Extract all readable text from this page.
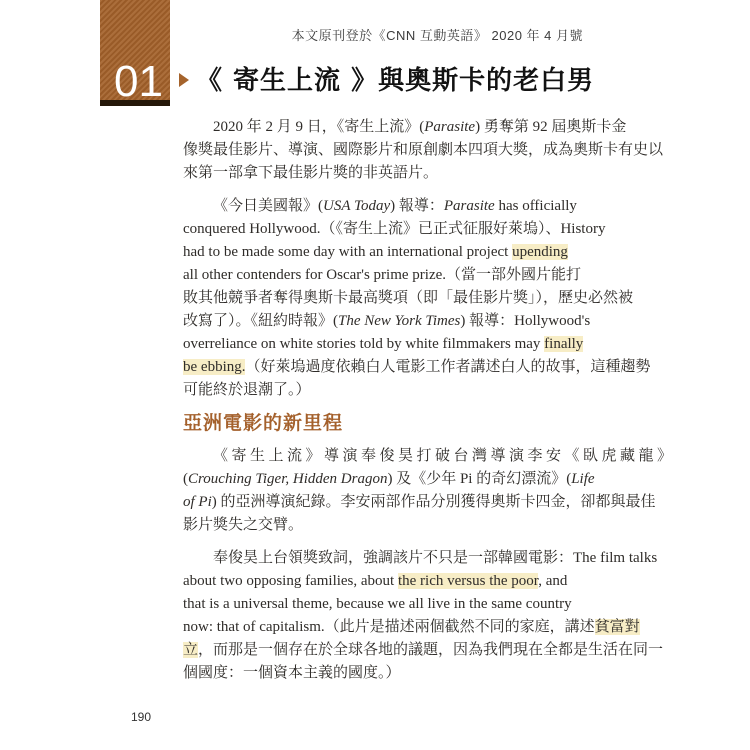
本文原刊登於《CNN 互動英語》 2020 年 4 月號
01 《 寄生上流 》與奧斯卡的老白男
2020 年 2 月 9 日，《寄生上流》(Parasite) 勇奪第 92 屆奧斯卡金
像獎最佳影片、導演、國際影片和原創劇本四項大獎，成為奧斯卡有史以
來第一部拿下最佳影片獎的非英語片。
《今日美國報》(USA Today) 報導：Parasite has officially
conquered Hollywood.（《寄生上流》已正式征服好萊塢）、History
had to be made some day with an international project upending
all other contenders for Oscar's prime prize.（當一部外國片能打
敗其他競爭者奪得奧斯卡最高獎項（即「最佳影片獎」），歷史必然被
改寫了）。《紐約時報》(The New York Times) 報導：Hollywood's
overreliance on white stories told by white filmmakers may finally
be ebbing.（好萊塢過度依賴白人電影工作者講述白人的故事，這種趨勢
可能終於退潮了。）
亞洲電影的新里程
《寄生上流》導演奉俊昊打破台灣導演李安《臥虎藏龍》
(Crouching Tiger, Hidden Dragon) 及《少年 Pi 的奇幻漂流》(Life
of Pi) 的亞洲導演紀錄。李安兩部作品分別獲得奧斯卡四金，卻都與最佳
影片獎失之交臂。
奉俊昊上台領獎致詞，強調該片不只是一部韓國電影：The film talks
about two opposing families, about the rich versus the poor, and
that is a universal theme, because we all live in the same country
now: that of capitalism.（此片是描述兩個截然不同的家庭，講述貧富對
立，而那是一個存在於全球各地的議題，因為我們現在全都是生活在同一
個國度：一個資本主義的國度。）
190
